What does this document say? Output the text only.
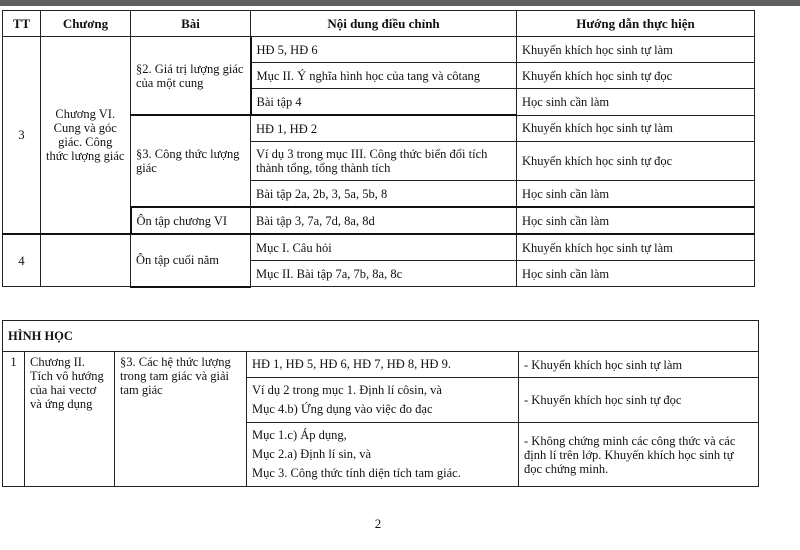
TT	Chương	Bài	Nội dung điều chỉnh	Hướng dẫn thực hiện
3	Chương VI. Cung và góc giác. Công thức lượng giác	§2. Giá trị lượng giác của một cung	HĐ 5, HĐ 6	Khuyến khích học sinh tự làm
			Mục II. Ý nghĩa hình học của tang và côtang	Khuyến khích học sinh tự đọc
			Bài tập 4	Học sinh cần làm
		§3. Công thức lượng giác	HĐ 1, HĐ 2	Khuyến khích học sinh tự làm
			Ví dụ 3 trong mục III. Công thức biến đổi tích thành tổng, tổng thành tích	Khuyến khích học sinh tự đọc
			Bài tập 2a, 2b, 3, 5a, 5b, 8	Học sinh cần làm
		Ôn tập chương VI	Bài tập 3, 7a, 7d, 8a, 8d	Học sinh cần làm
4		Ôn tập cuối năm	Mục I. Câu hỏi	Khuyến khích học sinh tự làm
			Mục II. Bài tập 7a, 7b, 8a, 8c	Học sinh cần làm
HÌNH HỌC				
1	Chương II. Tích vô hướng của hai vectơ và ứng dụng	§3. Các hệ thức lượng trong tam giác và giải tam giác	HĐ 1, HĐ 5, HĐ 6, HĐ 7, HĐ 8, HĐ 9.	- Khuyến khích học sinh tự làm

			Ví dụ 2 trong mục 1. Định lí côsin, và
Mục 4.b) Ứng dụng vào việc đo đạc	- Khuyến khích học sinh tự đọc

			Mục 1.c) Áp dụng,
Mục 2.a) Định lí sin, và
Mục 3. Công thức tính diện tích tam giác.	- Không chứng minh các công thức và các định lí trên lớp. Khuyến khích học sinh tự đọc chứng minh.
2
